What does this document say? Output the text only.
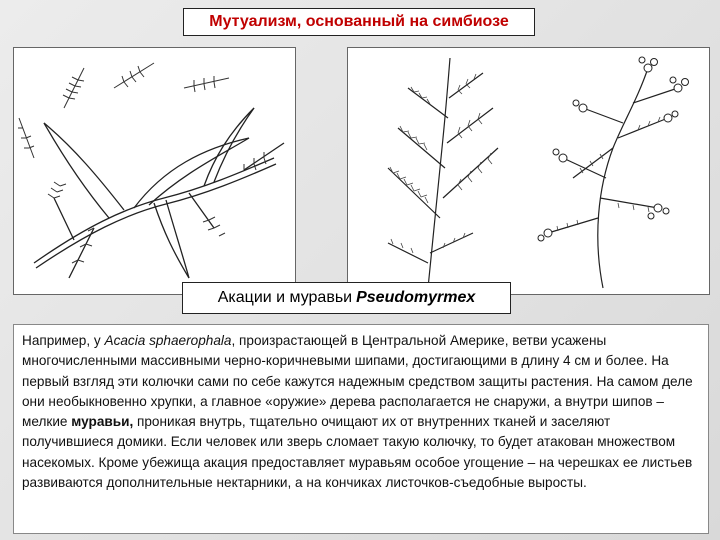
Мутуализм, основанный на симбиозе
Акации и муравьи Pseudomyrmex
Например, у Acacia sphaerophala, произрастающей в Центральной Америке, ветви усажены многочисленными массивными черно-коричневыми шипами, достигающими в длину 4 см и более. На первый взгляд эти колючки сами по себе кажутся надежным средством защиты растения. На самом деле они необыкновенно хрупки, а главное «оружие» дерева располагается не снаружи, а внутри шипов – мелкие муравьи, проникая внутрь, тщательно очищают их от внутренних тканей и заселяют получившиеся домики. Если человек или зверь сломает такую колючку, то будет атакован множеством насекомых. Кроме убежища акация предоставляет муравьям особое угощение – на черешках ее листьев развиваются дополнительные нектарники, а на кончиках листочков-съедобные выросты.
